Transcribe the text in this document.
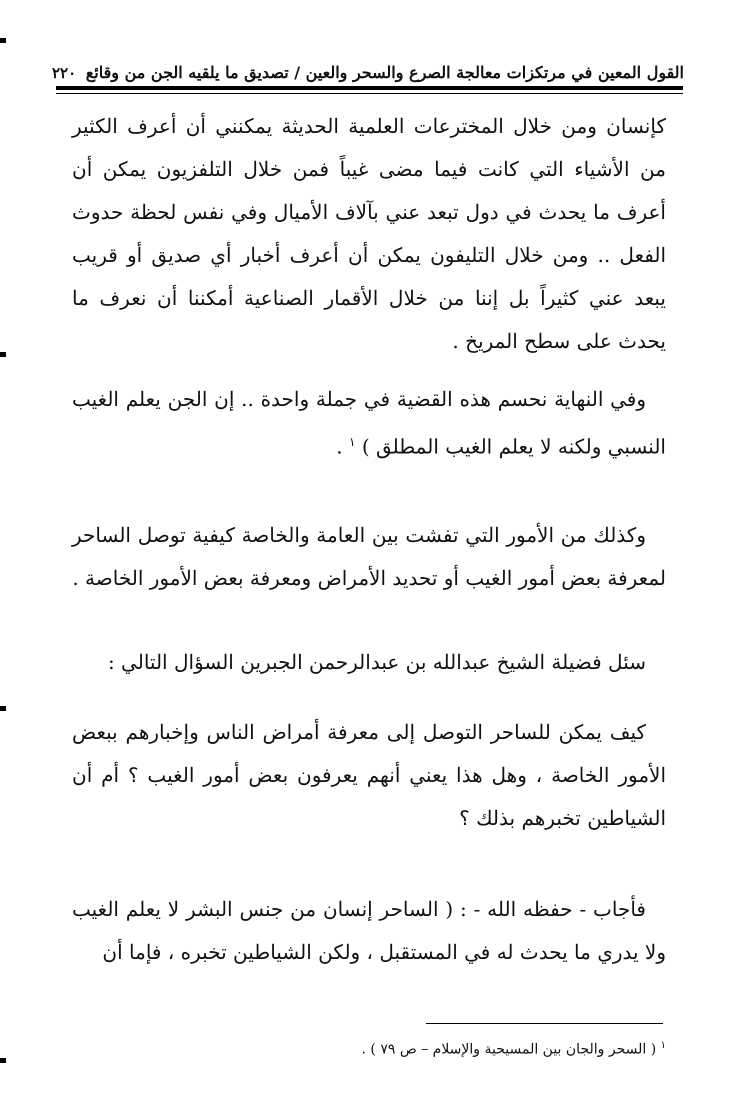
القول المعين في مرتكزات معالجة الصرع والسحر والعين / تصديق ما يلقيه الجن من وقائع
٢٢٠

كإنسان ومن خلال المخترعات العلمية الحديثة يمكنني أن أعرف الكثير من الأشياء التي كانت فيما مضى غيباً فمن خلال التلفزيون يمكن أن أعرف ما يحدث في دول تبعد عني بآلاف الأميال وفي نفس لحظة حدوث الفعل .. ومن خلال التليفون يمكن أن أعرف أخبار أي صديق أو قريب يبعد عني كثيراً بل إننا من خلال الأقمار الصناعية أمكننا أن نعرف ما يحدث على سطح المريخ .

وفي النهاية نحسم هذه القضية في جملة واحدة .. إن الجن يعلم الغيب النسبي ولكنه لا يعلم الغيب المطلق ) $^١$ .

وكذلك من الأمور التي تفشت بين العامة والخاصة كيفية توصل الساحر لمعرفة بعض أمور الغيب أو تحديد الأمراض ومعرفة بعض الأمور الخاصة .

سئل فضيلة الشيخ عبدالله بن عبدالرحمن الجبرين السؤال التالي :

كيف يمكن للساحر التوصل إلى معرفة أمراض الناس وإخبارهم ببعض الأمور الخاصة ، وهل هذا يعني أنهم يعرفون بعض أمور الغيب ؟ أم أن الشياطين تخبرهم بذلك ؟

فأجاب - حفظه الله - : ( الساحر إنسان من جنس البشر لا يعلم الغيب ولا يدري ما يحدث له في المستقبل ، ولكن الشياطين تخبره ، فإما أن

$^١$ ( السحر والجان بين المسيحية والإسلام – ص ٧٩ ) .
